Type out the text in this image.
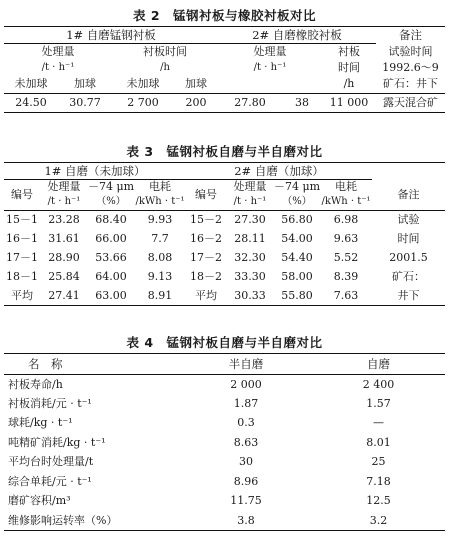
表 2　锰钢衬板与橡胶衬板对比
1# 自磨锰钢衬板				2# 自磨橡胶衬板			备注
处理量		衬板时间		处理量		衬板	试验时间
/t · h⁻¹		/h		/t · h⁻¹		时间	1992.6～9
未加球	加球	未加球	加球			/h	矿石：井下
24.50	30.77	2 700	200	27.80	38	11 000	露天混合矿
表 3　锰钢衬板自磨与半自磨对比
1# 自磨（未加球）				2# 自磨（加球）				
编号	处理量	－74 μm	电耗	编号	处理量	－74 μm	电耗	备注
	/t · h⁻¹	（%）	/kWh · t⁻¹		/t · h⁻¹	（%）	/kWh · t⁻¹	
15－1	23.28	68.40	9.93	15－2	27.30	56.80	6.98	试验
16－1	31.61	66.00	7.7	16－2	28.11	54.00	9.63	时间
17－1	28.90	53.66	8.08	17－2	32.30	54.40	5.52	2001.5
18－1	25.84	64.00	9.13	18－2	33.30	58.00	8.39	矿石：
平均	27.41	63.00	8.91	平均	30.33	55.80	7.63	井下
表 4　锰钢衬板自磨与半自磨对比
名　称	半自磨	自磨
衬板寿命/h	2 000	2 400
衬板消耗/元 · t⁻¹	1.87	1.57
球耗/kg · t⁻¹	0.3	—
吨精矿消耗/kg · t⁻¹	8.63	8.01
平均台时处理量/t	30	25
综合单耗/元 · t⁻¹	8.96	7.18
磨矿容积/m³	11.75	12.5
维修影响运转率（%）	3.8	3.2
